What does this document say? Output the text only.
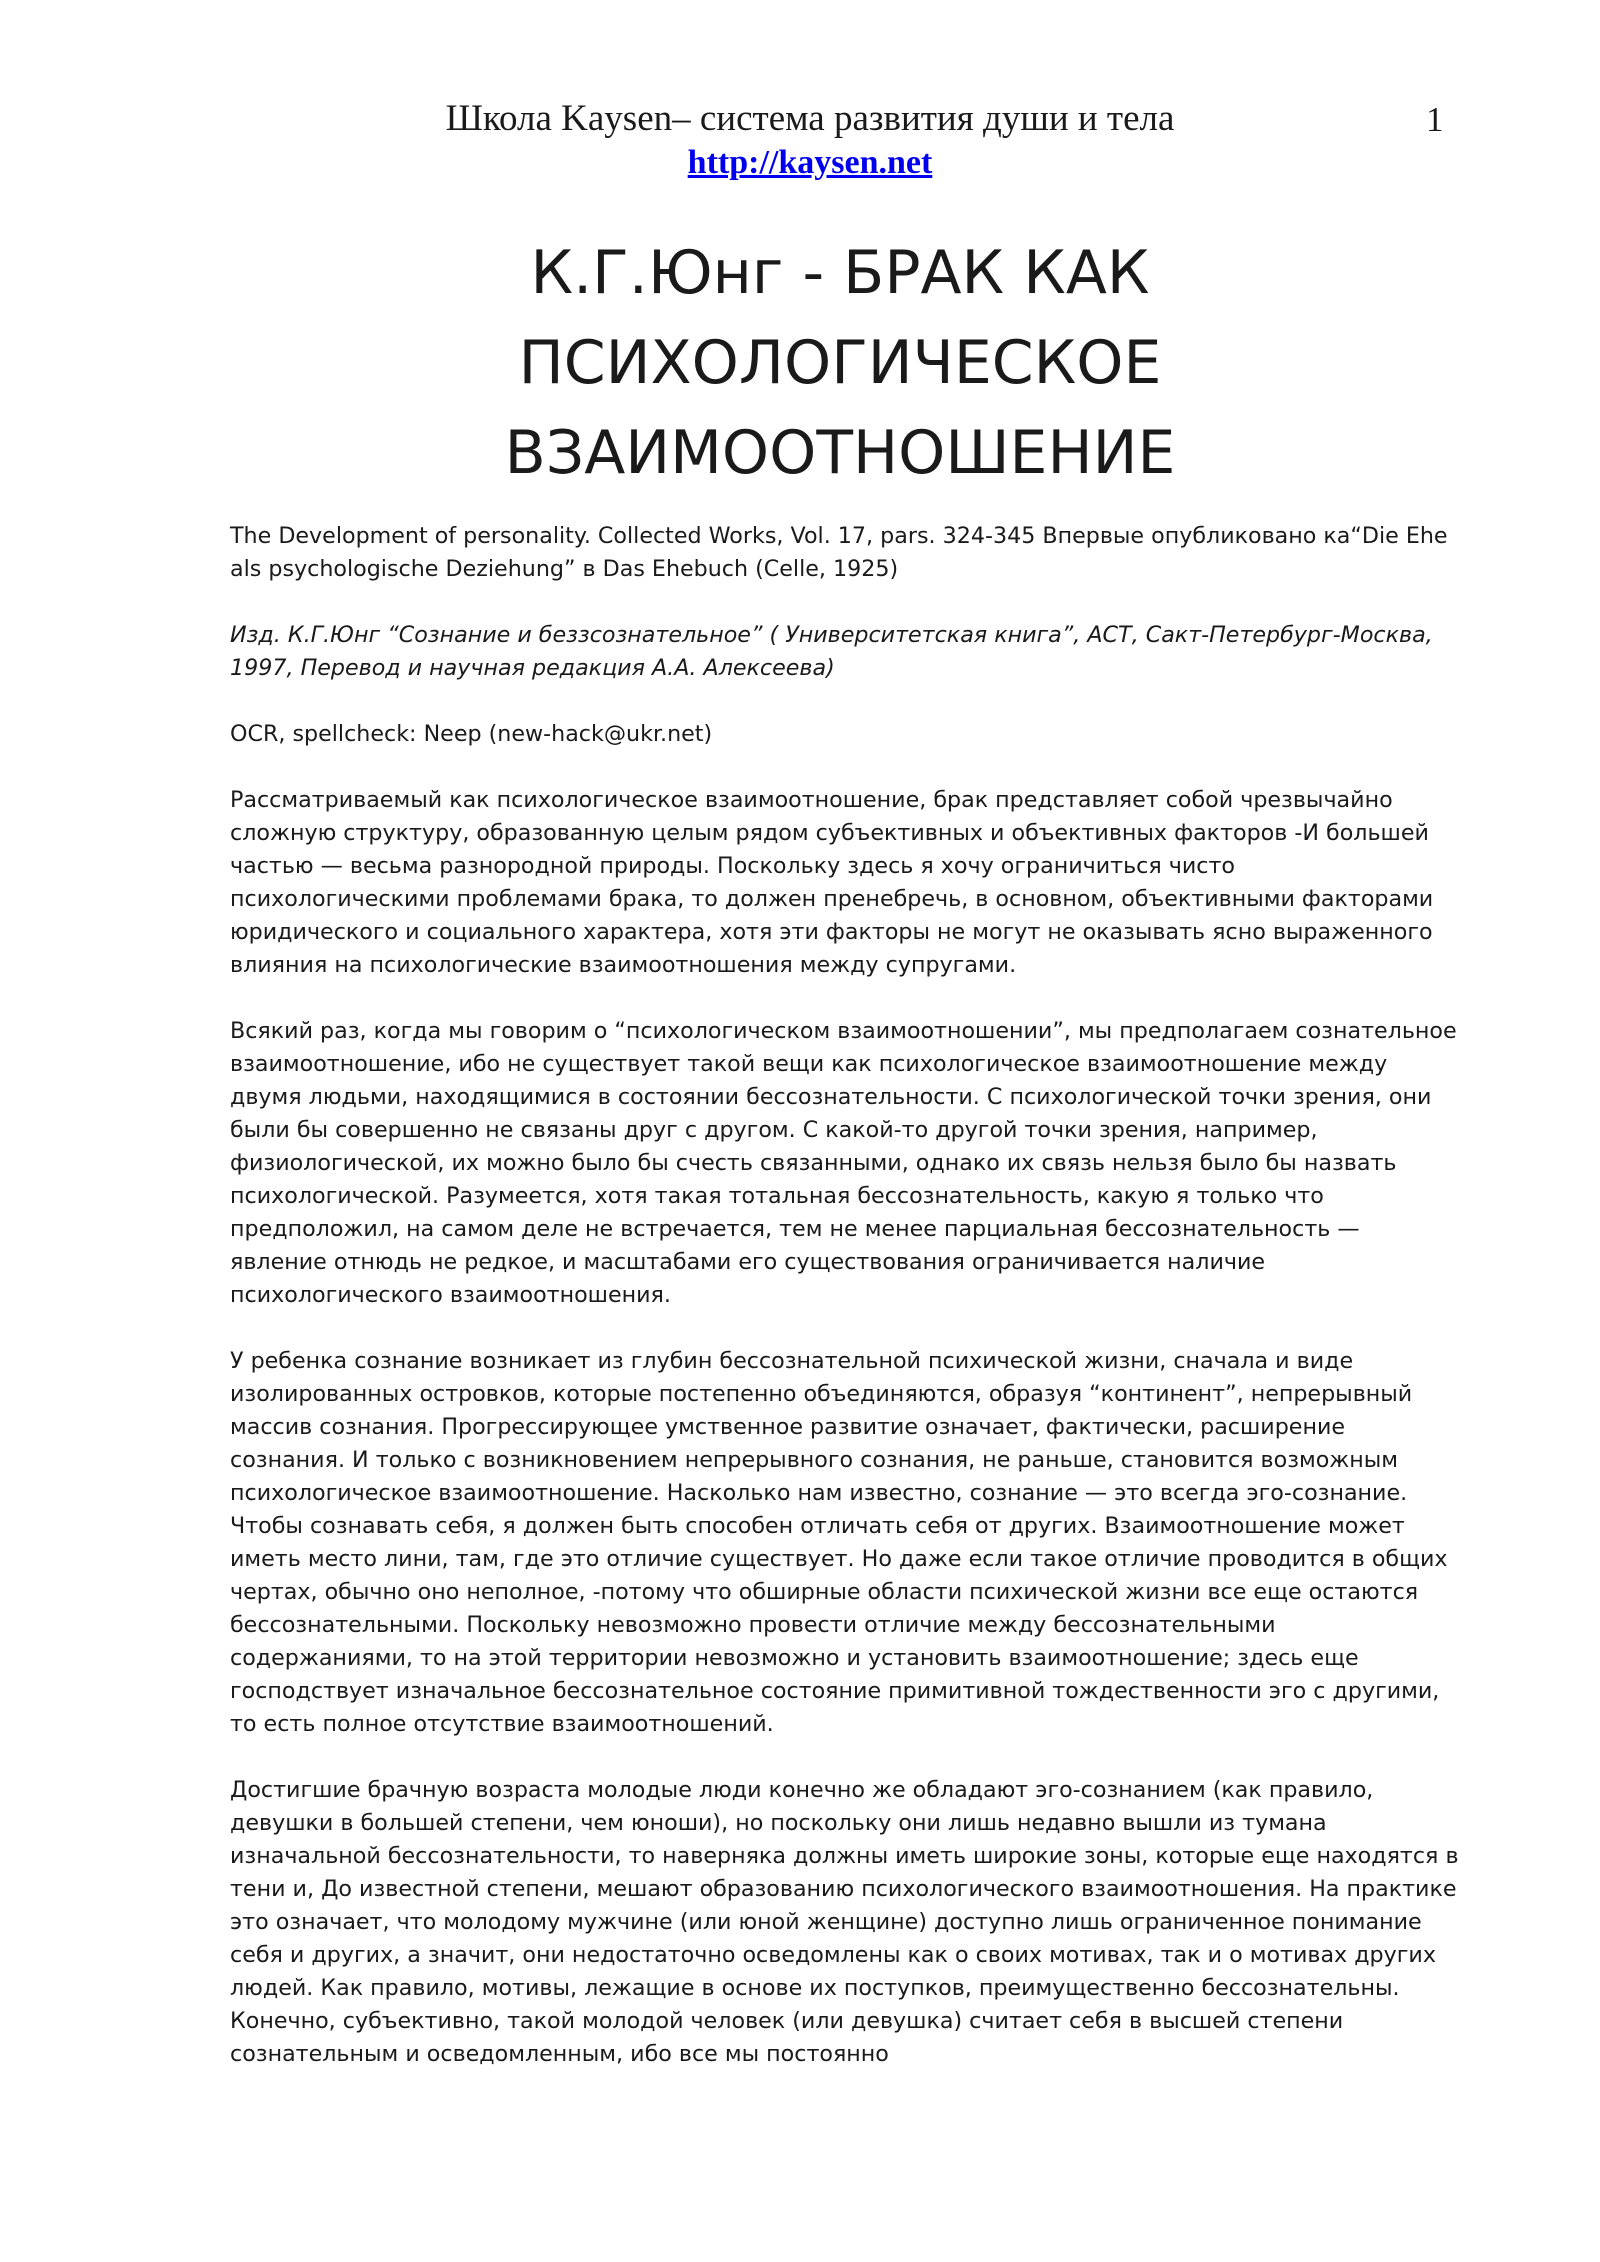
Школа Kaysen– система развития души и тела
http://kaysen.net
1
К.Г.Юнг - БРАК КАК ПСИХОЛОГИЧЕСКОЕ ВЗАИМООТНОШЕНИЕ

The Development of personality. Collected Works, Vol. 17, pars. 324-345 Впервые опубликовано ка“Die Ehe als psychologische Deziehung” в Das Ehebuch (Celle, 1925)

Изд. К.Г.Юнг “Сознание и беззсознательное” ( Университетская книга”, АСТ, Сакт-Петербург-Москва, 1997, Перевод и научная редакция А.А. Алексеева)

OCR, spellcheck: Neep (new-hack@ukr.net)

Рассматриваемый как психологическое взаимоотношение, брак представляет собой чрезвычайно сложную структуру, образованную целым рядом субъективных и объективных факторов -И большей частью — весьма разнородной природы. Поскольку здесь я хочу ограничиться чисто психологическими проблемами брака, то должен пренебречь, в основном, объективными факторами юридического и социального характера, хотя эти факторы не могут не оказывать ясно выраженного влияния на психологические взаимоотношения между супругами.

Всякий раз, когда мы говорим о “психологическом взаимоотношении”, мы предполагаем сознательное взаимоотношение, ибо не существует такой вещи как психологическое взаимоотношение между двумя людьми, находящимися в состоянии бессознательности. С психологической точки зрения, они были бы совершенно не связаны друг с другом. С какой-то другой точки зрения, например, физиологической, их можно было бы счесть связанными, однако их связь нельзя было бы назвать психологической. Разумеется, хотя такая тотальная бессознательность, какую я только что предположил, на самом деле не встречается, тем не менее парциальная бессознательность — явление отнюдь не редкое, и масштабами его существования ограничивается наличие психологического взаимоотношения.

У ребенка сознание возникает из глубин бессознательной психической жизни, сначала и виде изолированных островков, которые постепенно объединяются, образуя “континент”, непрерывный массив сознания. Прогрессирующее умственное развитие означает, фактически, расширение сознания. И только с возникновением непрерывного сознания, не раньше, становится возможным психологическое взаимоотношение. Насколько нам известно, сознание — это всегда эго-сознание. Чтобы сознавать себя, я должен быть способен отличать себя от других. Взаимоотношение может иметь место лини, там, где это отличие существует. Но даже если такое отличие проводится в общих чертах, обычно оно неполное, -потому что обширные области психической жизни все еще остаются бессознательными. Поскольку невозможно провести отличие между бессознательными содержаниями, то на этой территории невозможно и установить взаимоотношение; здесь еще господствует изначальное бессознательное состояние примитивной тождественности эго с другими, то есть полное отсутствие взаимоотношений.

Достигшие брачную возраста молодые люди конечно же обладают эго-сознанием (как правило, девушки в большей степени, чем юноши), но поскольку они лишь недавно вышли из тумана изначальной бессознательности, то наверняка должны иметь широкие зоны, которые еще находятся в тени и, До известной степени, мешают образованию психологического взаимоотношения. На практике это означает, что молодому мужчине (или юной женщине) доступно лишь ограниченное понимание себя и других, а значит, они недостаточно осведомлены как о своих мотивах, так и о мотивах других людей. Как правило, мотивы, лежащие в основе их поступков, преимущественно бессознательны. Конечно, субъективно, такой молодой человек (или девушка) считает себя в высшей степени сознательным и осведомленным, ибо все мы постоянно
